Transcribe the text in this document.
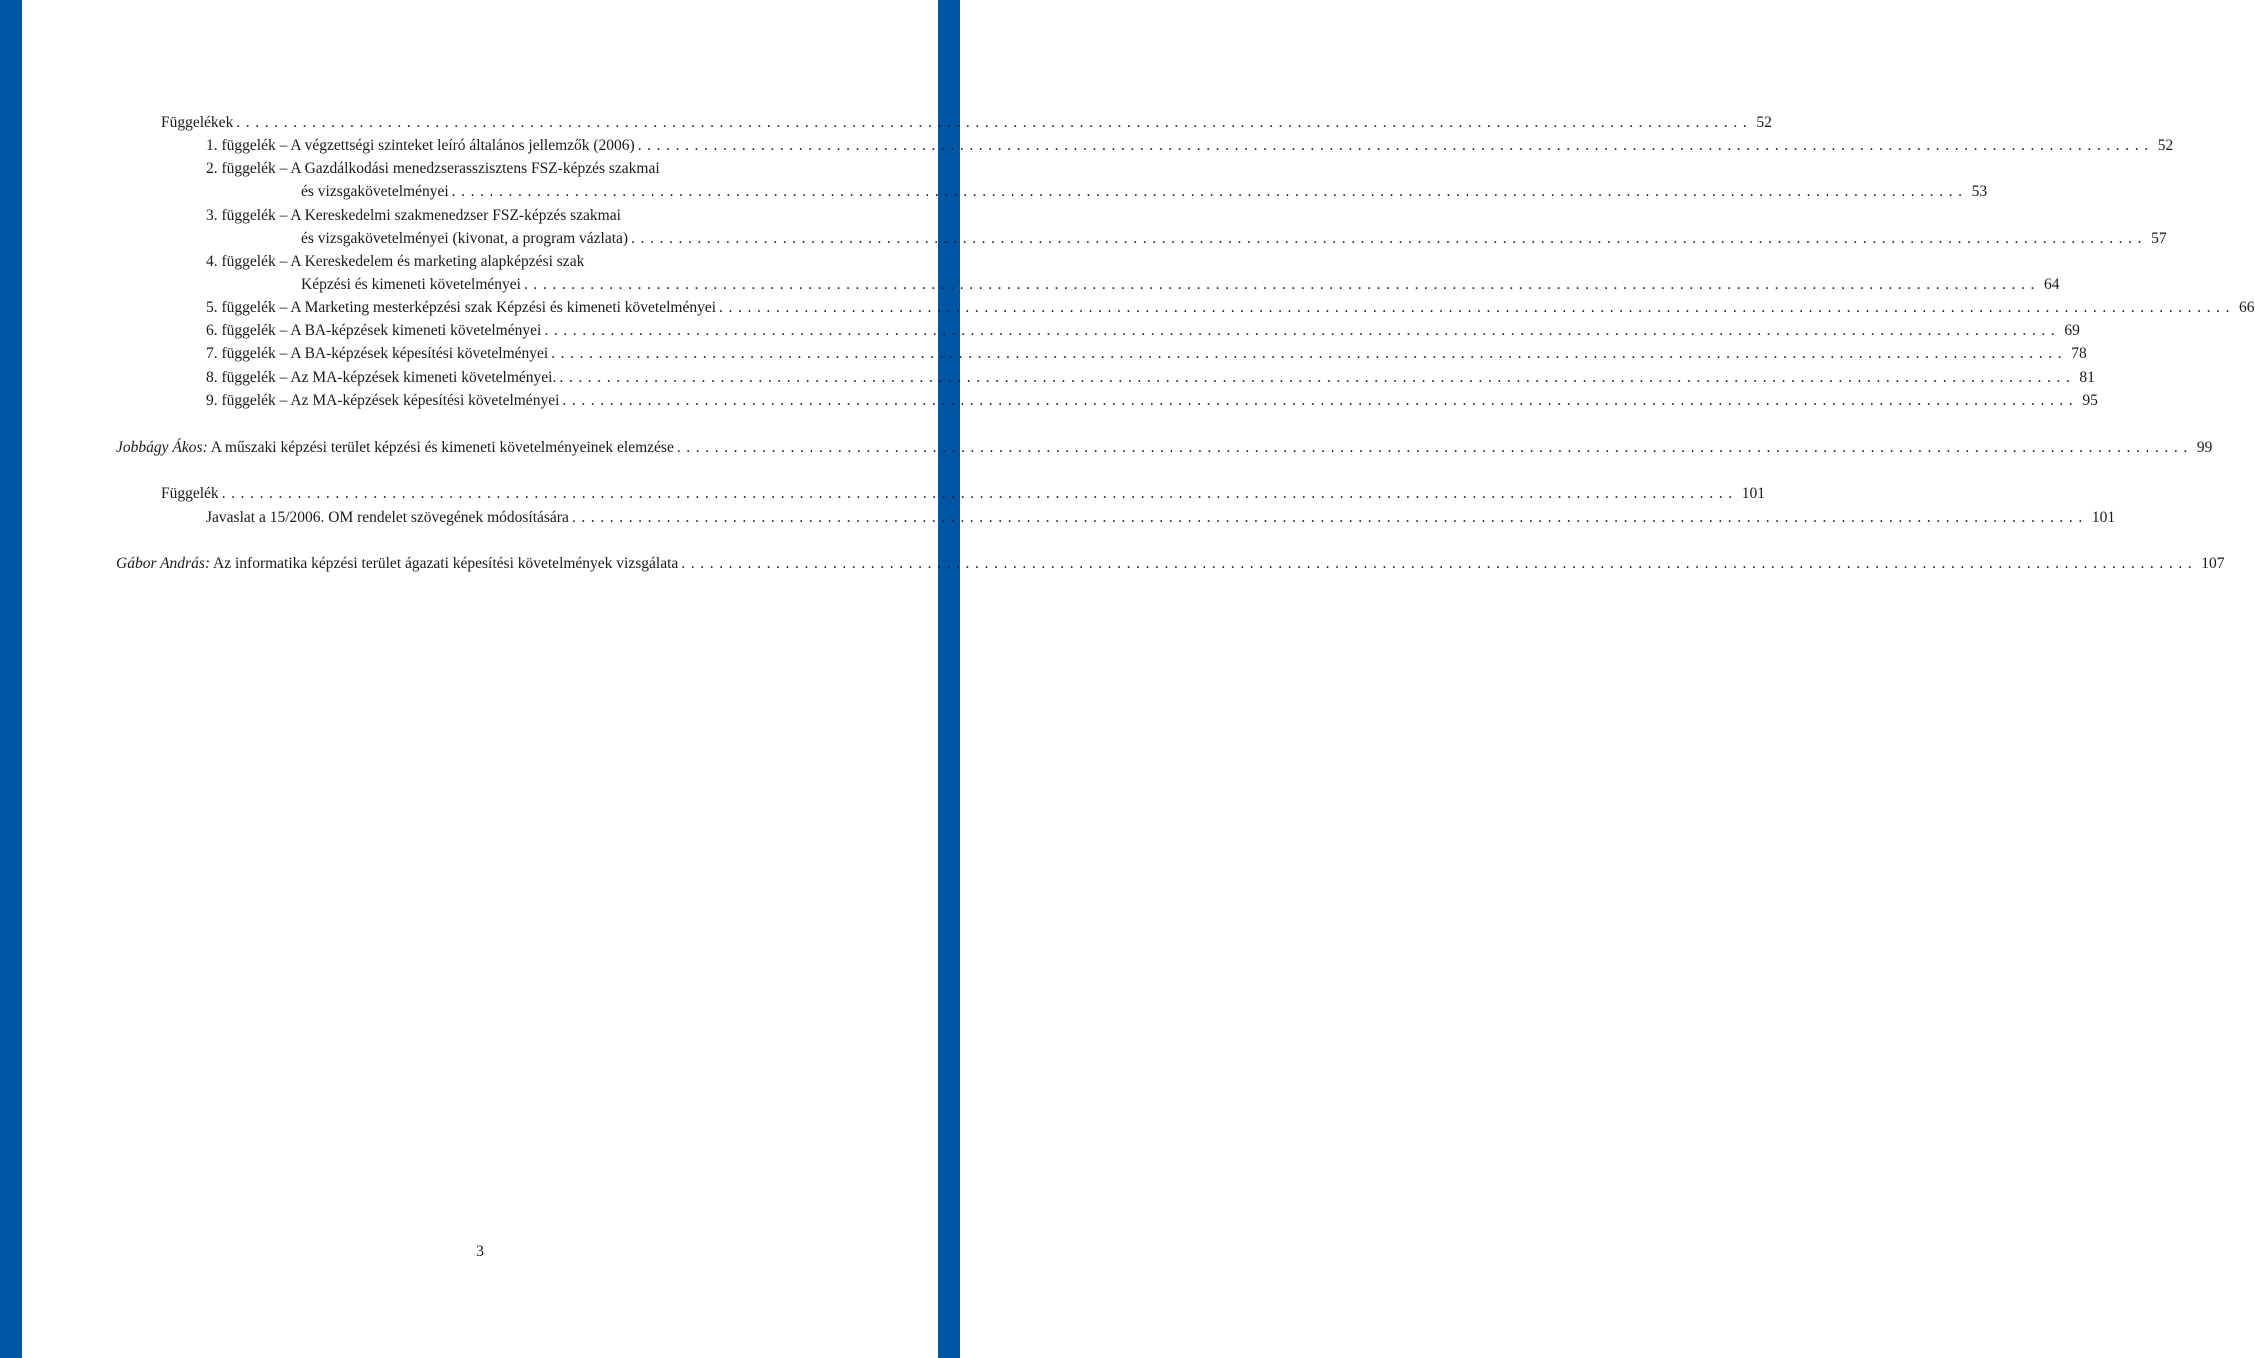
Függelékek ................................................................................................................................................................ 52
1. függelék – A végzettségi szinteket leíró általános jellemzők (2006) ................................................................................................................................................................ 52
2. függelék – A Gazdálkodási menedzserasszisztens FSZ-képzés szakmai
és vizsgakövetelményei ................................................................................................................................................................ 53
3. függelék – A Kereskedelmi szakmenedzser FSZ-képzés szakmai
és vizsgakövetelményei (kivonat, a program vázlata) ................................................................................................................................................................ 57
4. függelék – A Kereskedelem és marketing alapképzési szak
Képzési és kimeneti követelményei ................................................................................................................................................................ 64
5. függelék – A Marketing mesterképzési szak Képzési és kimeneti követelményei ................................................................................................................................................................ 66
6. függelék – A BA-képzések kimeneti követelményei ................................................................................................................................................................ 69
7. függelék – A BA-képzések képesítési követelményei ................................................................................................................................................................ 78
8. függelék – Az MA-képzések kimeneti követelményei. ................................................................................................................................................................ 81
9. függelék – Az MA-képzések képesítési követelményei ................................................................................................................................................................ 95
Jobbágy Ákos: A műszaki képzési terület képzési és kimeneti követelményeinek elemzése ................................................................................................................................................................ 99
Függelék ................................................................................................................................................................ 101
Javaslat a 15/2006. OM rendelet szövegének módosítására ................................................................................................................................................................ 101
Gábor András: Az informatika képzési terület ágazati képesítési követelmények vizsgálata ................................................................................................................................................................ 107
3
